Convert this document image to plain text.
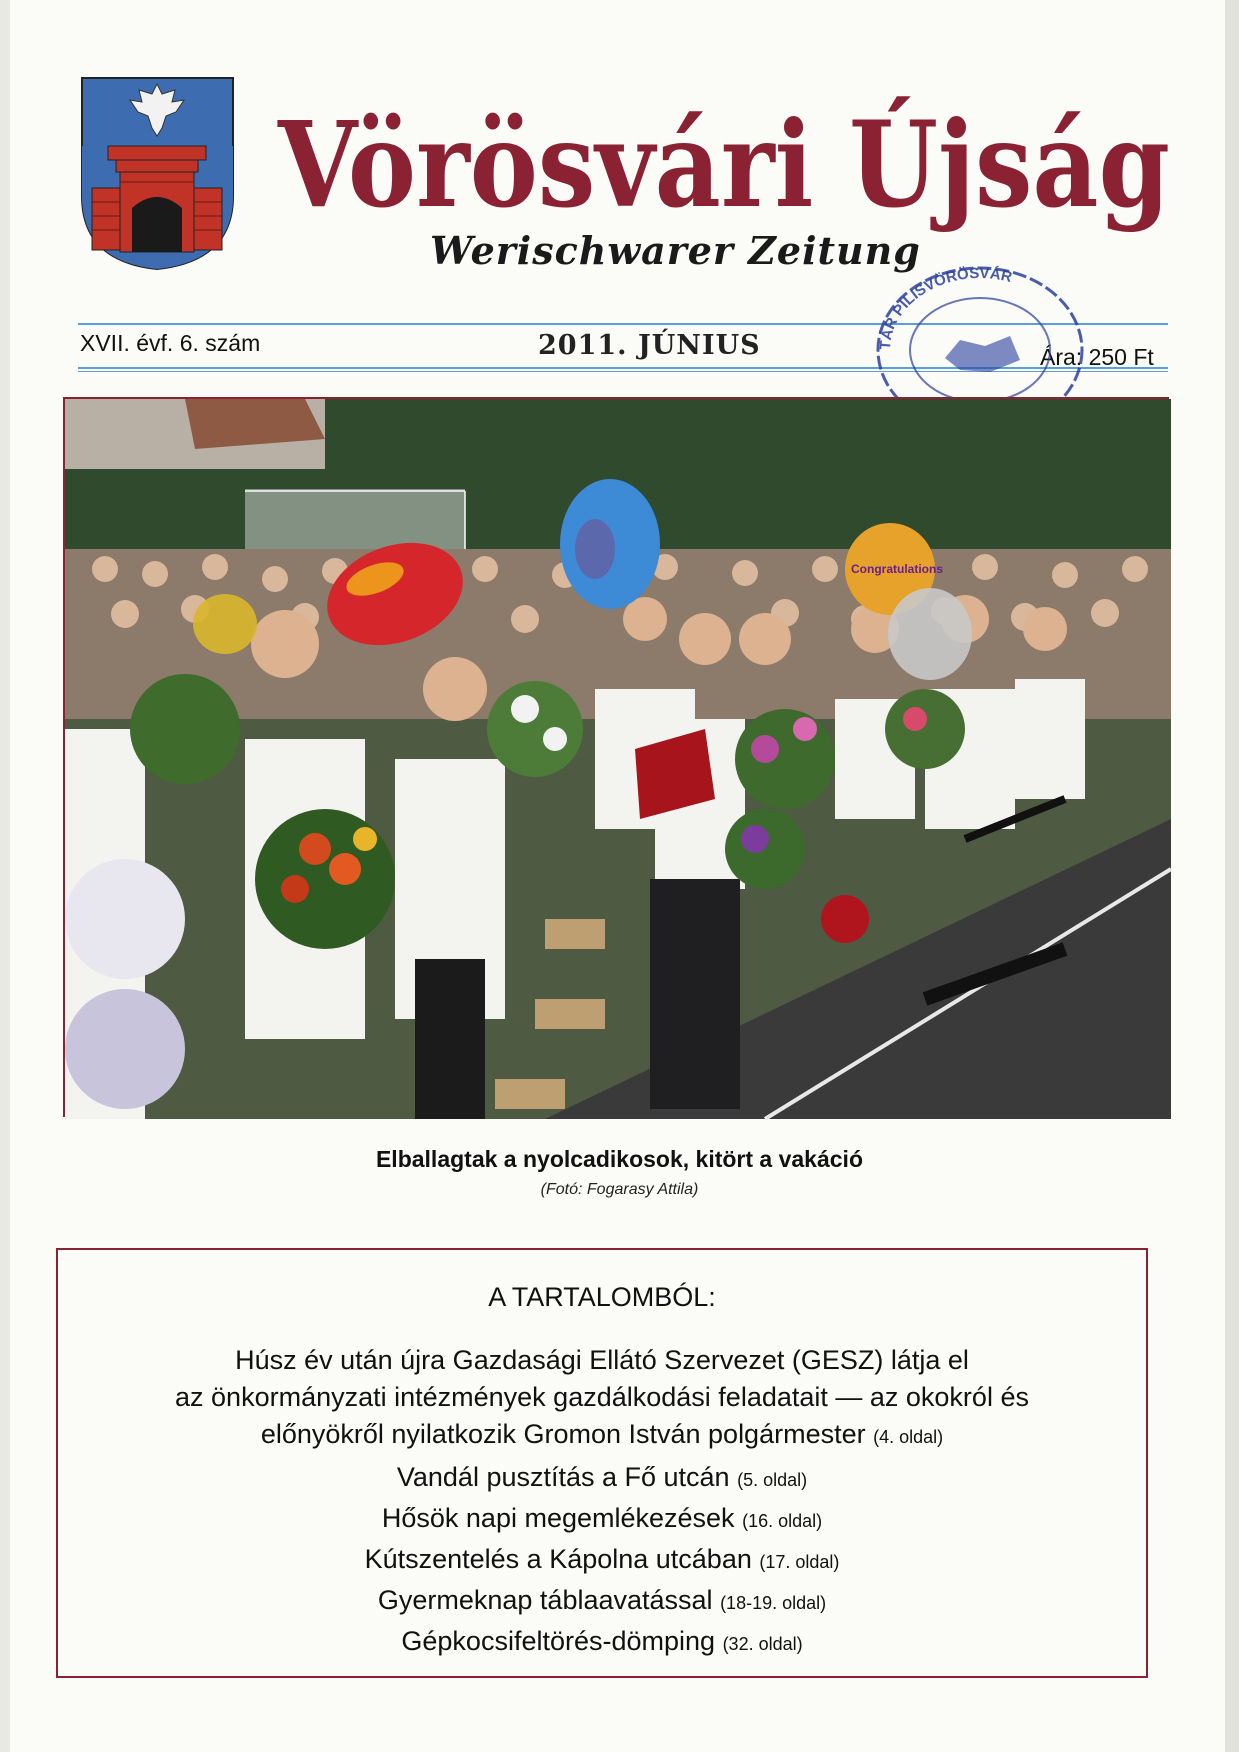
Vörösvári Újság
Werischwarer Zeitung
XVII. évf. 6. szám	2011. JÚNIUS	Ára: 250 Ft
TÁR PILISVÖRÖSVÁR
Congratulations
Elballagtak a nyolcadikosok, kitört a vakáció
(Fotó: Fogarasy Attila)
A TARTALOMBÓL:
Húsz év után újra Gazdasági Ellátó Szervezet (GESZ) látja el
az önkormányzati intézmények gazdálkodási feladatait — az okokról és
előnyökről nyilatkozik Gromon István polgármester (4. oldal)
Vandál pusztítás a Fő utcán (5. oldal)
Hősök napi megemlékezések (16. oldal)
Kútszentelés a Kápolna utcában (17. oldal)
Gyermeknap táblaavatással (18-19. oldal)
Gépkocsifeltörés-dömping (32. oldal)
